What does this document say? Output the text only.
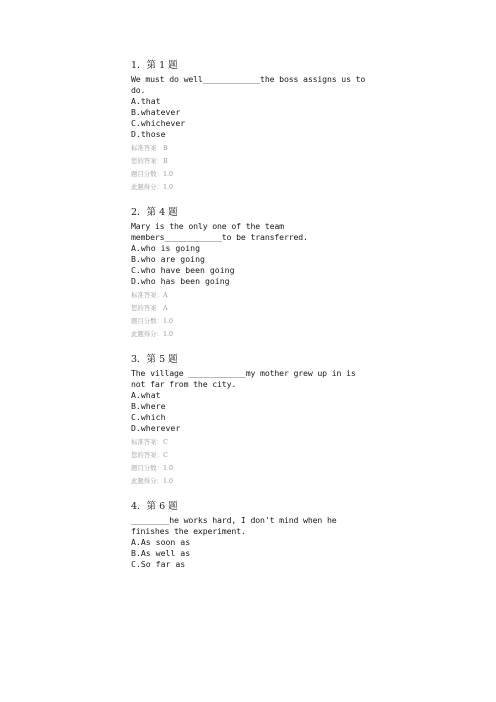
1．第 1 题
We must do well____________the boss assigns us to do.
A.that
B.whatever
C.whichever
D.those
标准答案：B
您的答案：B
题目分数：1.0
此题得分：1.0
2．第 4 题
Mary is the only one of the team members____________to be transferred.
A.who is going
B.who are going
C.who have been going
D.who has been going
标准答案：A
您的答案：A
题目分数：1.0
此题得分：1.0
3．第 5 题
The village ____________my mother grew up in is not far from the city.
A.what
B.where
C.which
D.wherever
标准答案：C
您的答案：C
题目分数：1.0
此题得分：1.0
4．第 6 题
________he works hard, I don't mind when he finishes the experiment.
A.As soon as
B.As well as
C.So far as
